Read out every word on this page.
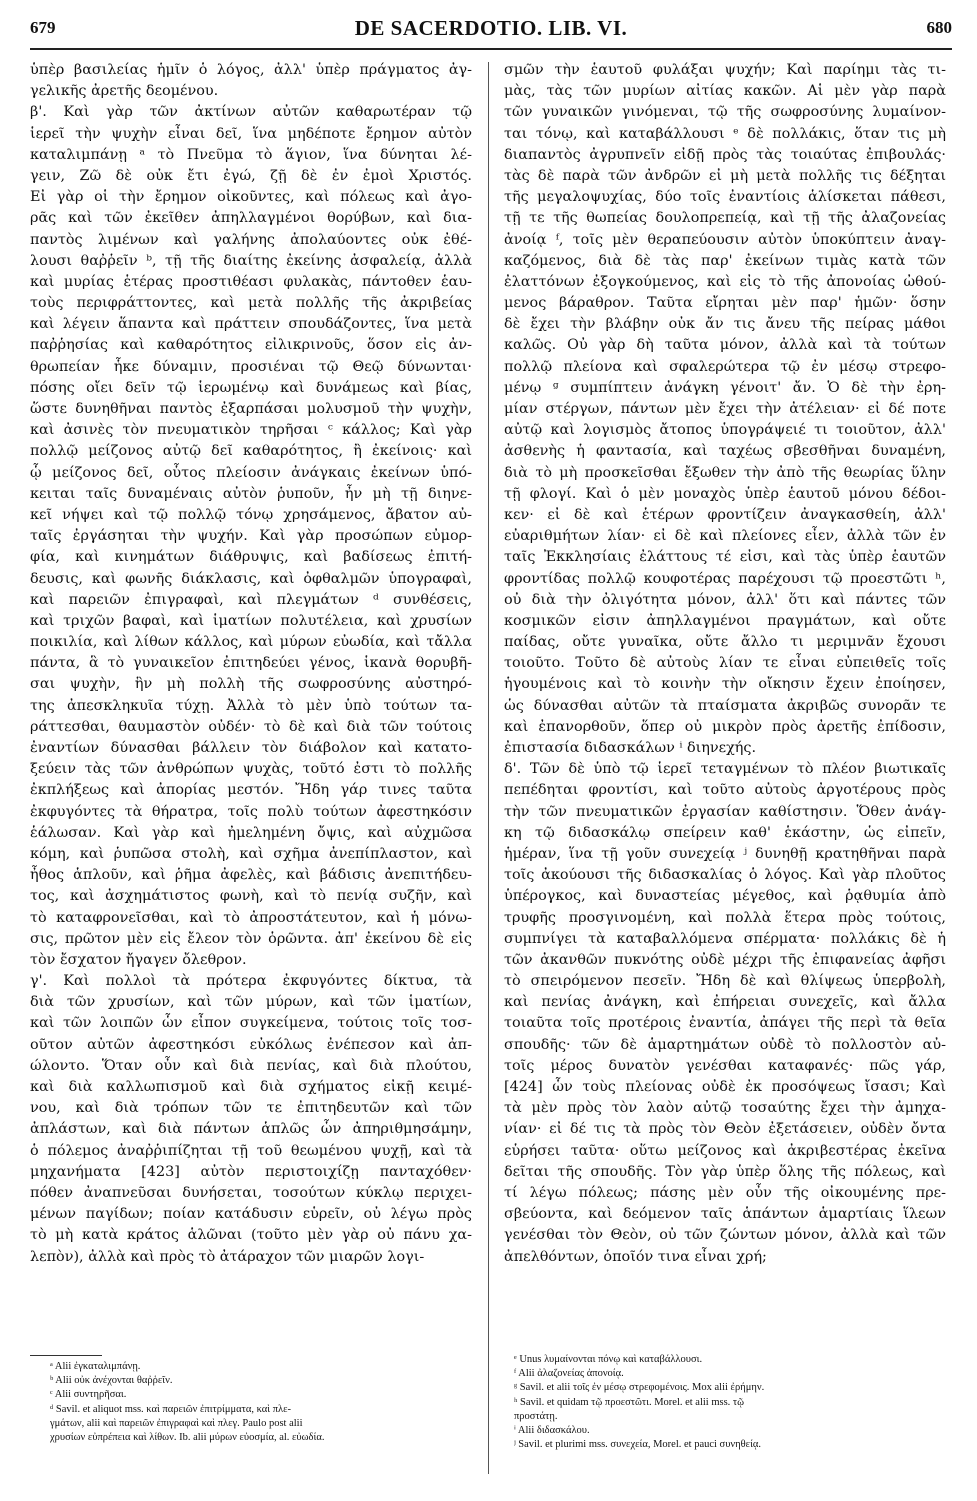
679	DE SACERDOTIO. LIB. VI.	680
ὑπὲρ βασιλείας ἡμῖν ὁ λόγος, ἀλλ' ὑπὲρ πράγματος ἀγ-
γελικῆς ἀρετῆς δεομένου.
β'. Καὶ γὰρ τῶν ἀκτίνων αὐτῶν καθαρωτέραν τῷ
ἱερεῖ τὴν ψυχὴν εἶναι δεῖ, ἵνα μηδέποτε ἔρημον αὐτὸν
καταλιμπάνῃ ᵃ τὸ Πνεῦμα τὸ ἅγιον, ἵνα δύνηται λέ-
γειν, Ζῶ δὲ οὐκ ἔτι ἐγώ, ζῇ δὲ ἐν ἐμοὶ Χριστός.
Εἰ γὰρ οἱ τὴν ἔρημον οἰκοῦντες, καὶ πόλεως καὶ ἀγο-
ρᾶς καὶ τῶν ἐκεῖθεν ἀπηλλαγμένοι θορύβων, καὶ δια-
παντὸς λιμένων καὶ γαλήνης ἀπολαύοντες οὐκ ἐθέ-
λουσι θαῤῥεῖν ᵇ, τῇ τῆς διαίτης ἐκείνης ἀσφαλείᾳ, ἀλλὰ
καὶ μυρίας ἑτέρας προστιθέασι φυλακὰς, πάντοθεν ἑαυ-
τοὺς περιφράττοντες, καὶ μετὰ πολλῆς τῆς ἀκριβείας
καὶ λέγειν ἅπαντα καὶ πράττειν σπουδάζοντες, ἵνα μετὰ
παῤῥησίας καὶ καθαρότητος εἰλικρινοῦς, ὅσον εἰς ἀν-
θρωπείαν ἧκε δύναμιν, προσιέναι τῷ Θεῷ δύνωνται·
πόσης οἴει δεῖν τῷ ἱερωμένῳ καὶ δυνάμεως καὶ βίας,
ὥστε δυνηθῆναι παντὸς ἐξαρπάσαι μολυσμοῦ τὴν ψυχὴν,
καὶ ἀσινὲς τὸν πνευματικὸν τηρῆσαι ᶜ κάλλος; Καὶ γὰρ
πολλῷ μείζονος αὐτῷ δεῖ καθαρότητος, ἢ ἐκείνοις· καὶ
ᾧ μείζονος δεῖ, οὗτος πλείοσιν ἀνάγκαις ἐκείνων ὑπό-
κειται ταῖς δυναμέναις αὐτὸν ῥυποῦν, ἦν μὴ τῇ διηνε-
κεῖ νήψει καὶ τῷ πολλῷ τόνῳ χρησάμενος, ἄβατον αὐ-
ταῖς ἐργάσηται τὴν ψυχήν. Καὶ γὰρ προσώπων εὐμορ-
φία, καὶ κινημάτων διάθρυψις, καὶ βαδίσεως ἐπιτή-
δευσις, καὶ φωνῆς διάκλασις, καὶ ὀφθαλμῶν ὑπογραφαὶ,
καὶ παρειῶν ἐπιγραφαὶ, καὶ πλεγμάτων ᵈ συνθέσεις,
καὶ τριχῶν βαφαὶ, καὶ ἱματίων πολυτέλεια, καὶ χρυσίων
ποικιλία, καὶ λίθων κάλλος, καὶ μύρων εὐωδία, καὶ τἄλλα
πάντα, ἃ τὸ γυναικεῖον ἐπιτηδεύει γένος, ἱκανὰ θορυβῆ-
σαι ψυχὴν, ἣν μὴ πολλὴ τῆς σωφροσύνης αὐστηρό-
της ἀπεσκληκυῖα τύχῃ. Ἀλλὰ τὸ μὲν ὑπὸ τούτων τα-
ράττεσθαι, θαυμαστὸν οὐδέν· τὸ δὲ καὶ διὰ τῶν τούτοις
ἐναντίων δύνασθαι βάλλειν τὸν διάβολον καὶ κατατο-
ξεύειν τὰς τῶν ἀνθρώπων ψυχὰς, τοῦτό ἐστι τὸ πολλῆς
ἐκπλήξεως καὶ ἀπορίας μεστόν. Ἤδη γάρ τινες ταῦτα
ἐκφυγόντες τὰ θήρατρα, τοῖς πολὺ τούτων ἀφεστηκόσιν
ἑάλωσαν. Καὶ γὰρ καὶ ἠμελημένη ὄψις, καὶ αὐχμῶσα
κόμη, καὶ ῥυπῶσα στολὴ, καὶ σχῆμα ἀνεπίπλαστον, καὶ
ἦθος ἁπλοῦν, καὶ ῥῆμα ἀφελὲς, καὶ βάδισις ἀνεπιτήδευ-
τος, καὶ ἀσχημάτιστος φωνὴ, καὶ τὸ πενίᾳ συζῆν, καὶ
τὸ καταφρονεῖσθαι, καὶ τὸ ἀπροστάτευτον, καὶ ἡ μόνω-
σις, πρῶτον μὲν εἰς ἔλεον τὸν ὁρῶντα. ἀπ' ἐκείνου δὲ εἰς
τὸν ἔσχατον ἤγαγεν ὄλεθρον.
γ'. Καὶ πολλοὶ τὰ πρότερα ἐκφυγόντες δίκτυα, τὰ
διὰ τῶν χρυσίων, καὶ τῶν μύρων, καὶ τῶν ἱματίων,
καὶ τῶν λοιπῶν ὧν εἶπον συγκείμενα, τούτοις τοῖς τοσ-
οῦτον αὐτῶν ἀφεστηκόσι εὐκόλως ἐνέπεσον καὶ ἀπ-
ώλοντο. Ὅταν οὖν καὶ διὰ πενίας, καὶ διὰ πλούτου,
καὶ διὰ καλλωπισμοῦ καὶ διὰ σχήματος εἰκῇ κειμέ-
νου, καὶ διὰ τρόπων τῶν τε ἐπιτηδευτῶν καὶ τῶν
ἀπλάστων, καὶ διὰ πάντων ἁπλῶς ὧν ἀπηριθμησάμην,
ὁ πόλεμος ἀναῤῥιπίζηται τῇ τοῦ θεωμένου ψυχῇ, καὶ τὰ
μηχανήματα [423] αὐτὸν περιστοιχίζῃ πανταχόθεν·
πόθεν ἀναπνεῦσαι δυνήσεται, τοσούτων κύκλῳ περιχει-
μένων παγίδων; ποίαν κατάδυσιν εὑρεῖν, οὐ λέγω πρὸς
τὸ μὴ κατὰ κράτος ἁλῶναι (τοῦτο μὲν γὰρ οὐ πάνυ χα-
λεπὸν), ἀλλὰ καὶ πρὸς τὸ ἀτάραχον τῶν μιαρῶν λογι-
σμῶν τὴν ἑαυτοῦ φυλάξαι ψυχήν; Καὶ παρίημι τὰς τι-
μὰς, τὰς τῶν μυρίων αἰτίας κακῶν. Αἱ μὲν γὰρ παρὰ
τῶν γυναικῶν γινόμεναι, τῷ τῆς σωφροσύνης λυμαίνον-
ται τόνῳ, καὶ καταβάλλουσι ᵉ δὲ πολλάκις, ὅταν τις μὴ
διαπαντὸς ἀγρυπνεῖν εἰδῇ πρὸς τὰς τοιαύτας ἐπιβουλάς·
τὰς δὲ παρὰ τῶν ἀνδρῶν εἰ μὴ μετὰ πολλῆς τις δέξηται
τῆς μεγαλοψυχίας, δύο τοῖς ἐναντίοις ἁλίσκεται πάθεσι,
τῇ τε τῆς θωπείας δουλοπρεπείᾳ, καὶ τῇ τῆς ἀλαζονείας
ἀνοίᾳ ᶠ, τοῖς μὲν θεραπεύουσιν αὐτὸν ὑποκύπτειν ἀναγ-
καζόμενος, διὰ δὲ τὰς παρ' ἐκείνων τιμὰς κατὰ τῶν
ἐλαττόνων ἐξογκούμενος, καὶ εἰς τὸ τῆς ἀπονοίας ὠθού-
μενος βάραθρον. Ταῦτα εἴρηται μὲν παρ' ἡμῶν· ὅσην
δὲ ἔχει τὴν βλάβην οὐκ ἄν τις ἄνευ τῆς πείρας μάθοι
καλῶς. Οὐ γὰρ δὴ ταῦτα μόνον, ἀλλὰ καὶ τὰ τούτων
πολλῷ πλείονα καὶ σφαλερώτερα τῷ ἐν μέσῳ στρεφο-
μένῳ ᵍ συμπίπτειν ἀνάγκη γένοιτ' ἄν. Ὁ δὲ τὴν ἐρη-
μίαν στέργων, πάντων μὲν ἔχει τὴν ἀτέλειαν· εἰ δέ ποτε
αὐτῷ καὶ λογισμὸς ἄτοπος ὑπογράψειέ τι τοιοῦτον, ἀλλ'
ἀσθενὴς ἡ φαντασία, καὶ ταχέως σβεσθῆναι δυναμένη,
διὰ τὸ μὴ προσκεῖσθαι ἔξωθεν τὴν ἀπὸ τῆς θεωρίας ὕλην
τῇ φλογί. Καὶ ὁ μὲν μοναχὸς ὑπὲρ ἑαυτοῦ μόνου δέδοι-
κεν· εἰ δὲ καὶ ἑτέρων φροντίζειν ἀναγκασθείη, ἀλλ'
εὐαριθμήτων λίαν· εἰ δὲ καὶ πλείονες εἶεν, ἀλλὰ τῶν ἐν
ταῖς Ἐκκλησίαις ἐλάττους τέ εἰσι, καὶ τὰς ὑπὲρ ἑαυτῶν
φροντίδας πολλῷ κουφοτέρας παρέχουσι τῷ προεστῶτι ʰ,
οὐ διὰ τὴν ὀλιγότητα μόνον, ἀλλ' ὅτι καὶ πάντες τῶν
κοσμικῶν εἰσιν ἀπηλλαγμένοι πραγμάτων, καὶ οὔτε
παίδας, οὔτε γυναῖκα, οὔτε ἄλλο τι μεριμνᾶν ἔχουσι
τοιοῦτο. Τοῦτο δὲ αὐτοὺς λίαν τε εἶναι εὐπειθεῖς τοῖς
ἡγουμένοις καὶ τὸ κοινὴν τὴν οἴκησιν ἔχειν ἐποίησεν,
ὡς δύνασθαι αὐτῶν τὰ πταίσματα ἀκριβῶς συνορᾶν τε
καὶ ἐπανορθοῦν, ὅπερ οὐ μικρὸν πρὸς ἀρετῆς ἐπίδοσιν,
ἐπιστασία διδασκάλων ⁱ διηνεχής.
δ'. Τῶν δὲ ὑπὸ τῷ ἱερεῖ τεταγμένων τὸ πλέον βιωτικαῖς
πεπέδηται φροντίσι, καὶ τοῦτο αὐτοὺς ἀργοτέρους πρὸς
τὴν τῶν πνευματικῶν ἐργασίαν καθίστησιν. Ὅθεν ἀνάγ-
κη τῷ διδασκάλῳ σπείρειν καθ' ἑκάστην, ὡς εἰπεῖν,
ἡμέραν, ἵνα τῇ γοῦν συνεχείᾳ ʲ δυνηθῇ κρατηθῆναι παρὰ
τοῖς ἀκούουσι τῆς διδασκαλίας ὁ λόγος. Καὶ γὰρ πλοῦτος
ὑπέρογκος, καὶ δυναστείας μέγεθος, καὶ ῥᾳθυμία ἀπὸ
τρυφῆς προσγινομένη, καὶ πολλὰ ἕτερα πρὸς τούτοις,
συμπνίγει τὰ καταβαλλόμενα σπέρματα· πολλάκις δὲ ἡ
τῶν ἀκανθῶν πυκνότης οὐδὲ μέχρι τῆς ἐπιφανείας ἀφῆσι
τὸ σπειρόμενον πεσεῖν. Ἤδη δὲ καὶ θλίψεως ὑπερβολὴ,
καὶ πενίας ἀνάγκη, καὶ ἐπήρειαι συνεχεῖς, καὶ ἄλλα
τοιαῦτα τοῖς προτέροις ἐναντία, ἀπάγει τῆς περὶ τὰ θεῖα
σπουδῆς· τῶν δὲ ἁμαρτημάτων οὐδὲ τὸ πολλοστὸν αὐ-
τοῖς μέρος δυνατὸν γενέσθαι καταφανές· πῶς γάρ,
[424] ὧν τοὺς πλείονας οὐδὲ ἐκ προσόψεως ἴσασι; Καὶ
τὰ μὲν πρὸς τὸν λαὸν αὐτῷ τοσαύτης ἔχει τὴν ἀμηχα-
νίαν· εἰ δέ τις τὰ πρὸς τὸν Θεὸν ἐξετάσειεν, οὐδὲν ὄντα
εὑρήσει ταῦτα· οὕτω μείζονος καὶ ἀκριβεστέρας ἐκεῖνα
δεῖται τῆς σπουδῆς. Τὸν γὰρ ὑπὲρ ὅλης τῆς πόλεως, καὶ
τί λέγω πόλεως; πάσης μὲν οὖν τῆς οἰκουμένης πρε-
σβεύοντα, καὶ δεόμενον ταῖς ἁπάντων ἁμαρτίαις ἵλεων
γενέσθαι τὸν Θεὸν, οὐ τῶν ζώντων μόνον, ἀλλὰ καὶ τῶν
ἀπελθόντων, ὁποῖόν τινα εἶναι χρή;
ᵃ Alii ἐγκαταλιμπάνῃ.
ᵇ Alii οὐκ ἀνέχονται θαῤῥεῖν.
ᶜ Alii συντηρῆσαι.
ᵈ Savil. et aliquot mss. καὶ παρειῶν ἐπιτρίμματα, καὶ πλε-
γμάτων, alii καὶ παρειῶν ἐπιγραφαὶ καὶ πλεγ. Paulo post alii
χρυσίων εὐπρέπεια καὶ λίθων. Ib. alii μύρων εὐοσμία, al. εὐωδία.
ᵉ Unus λυμαίνονται πόνῳ καὶ καταβάλλουσι.
ᶠ Alii ἀλαζονείας ἀπονοίᾳ.
ᵍ Savil. et alii τοῖς ἐν μέσῳ στρεφομένοις. Mox alii ἐρήμην.
ʰ Savil. et quidam τῷ προεστῶτι. Morel. et alii mss. τῷ
προστάτῃ.
ⁱ Alii διδασκάλου.
ʲ Savil. et plurimi mss. συνεχεία, Morel. et pauci συνηθείᾳ.
